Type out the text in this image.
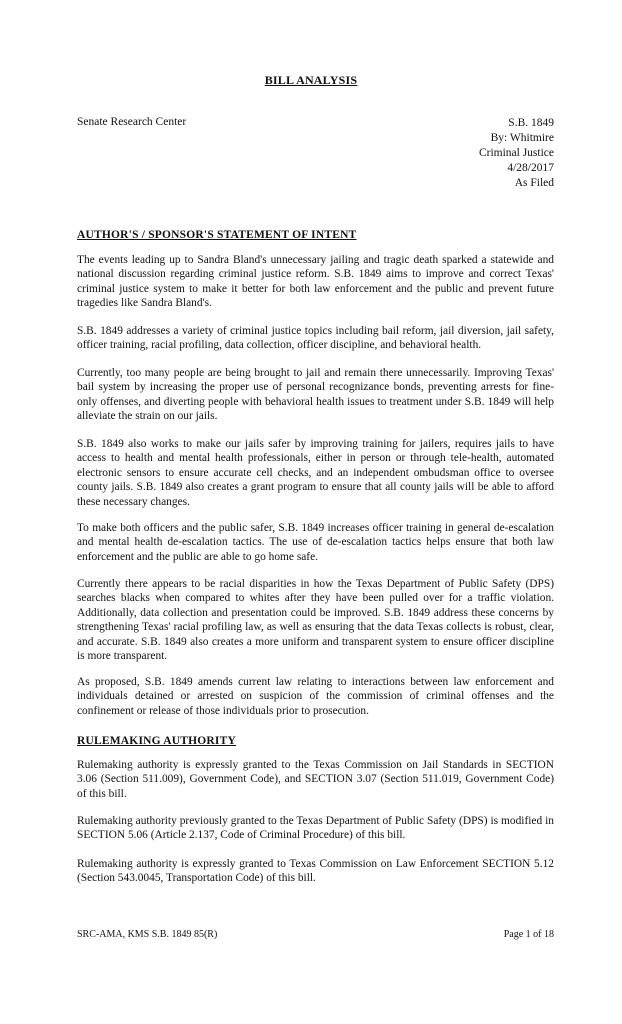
BILL ANALYSIS
Senate Research Center	S.B. 1849
By: Whitmire
Criminal Justice
4/28/2017
As Filed
AUTHOR'S / SPONSOR'S STATEMENT OF INTENT

The events leading up to Sandra Bland's unnecessary jailing and tragic death sparked a statewide and national discussion regarding criminal justice reform. S.B. 1849 aims to improve and correct Texas' criminal justice system to make it better for both law enforcement and the public and prevent future tragedies like Sandra Bland's.

S.B. 1849 addresses a variety of criminal justice topics including bail reform, jail diversion, jail safety, officer training, racial profiling, data collection, officer discipline, and behavioral health.

Currently, too many people are being brought to jail and remain there unnecessarily. Improving Texas' bail system by increasing the proper use of personal recognizance bonds, preventing arrests for fine-only offenses, and diverting people with behavioral health issues to treatment under S.B. 1849 will help alleviate the strain on our jails.

S.B. 1849 also works to make our jails safer by improving training for jailers, requires jails to have access to health and mental health professionals, either in person or through tele-health, automated electronic sensors to ensure accurate cell checks, and an independent ombudsman office to oversee county jails. S.B. 1849 also creates a grant program to ensure that all county jails will be able to afford these necessary changes.

To make both officers and the public safer, S.B. 1849 increases officer training in general de-escalation and mental health de-escalation tactics. The use of de-escalation tactics helps ensure that both law enforcement and the public are able to go home safe.

Currently there appears to be racial disparities in how the Texas Department of Public Safety (DPS) searches blacks when compared to whites after they have been pulled over for a traffic violation. Additionally, data collection and presentation could be improved. S.B. 1849 address these concerns by strengthening Texas' racial profiling law, as well as ensuring that the data Texas collects is robust, clear, and accurate. S.B. 1849 also creates a more uniform and transparent system to ensure officer discipline is more transparent.

As proposed, S.B. 1849 amends current law relating to interactions between law enforcement and individuals detained or arrested on suspicion of the commission of criminal offenses and the confinement or release of those individuals prior to prosecution.

RULEMAKING AUTHORITY

Rulemaking authority is expressly granted to the Texas Commission on Jail Standards in SECTION 3.06 (Section 511.009), Government Code), and SECTION 3.07 (Section 511.019, Government Code) of this bill.

Rulemaking authority previously granted to the Texas Department of Public Safety (DPS) is modified in SECTION 5.06 (Article 2.137, Code of Criminal Procedure) of this bill.

Rulemaking authority is expressly granted to Texas Commission on Law Enforcement SECTION 5.12 (Section 543.0045, Transportation Code) of this bill.

SRC-AMA, KMS S.B. 1849 85(R)	Page 1 of 18
